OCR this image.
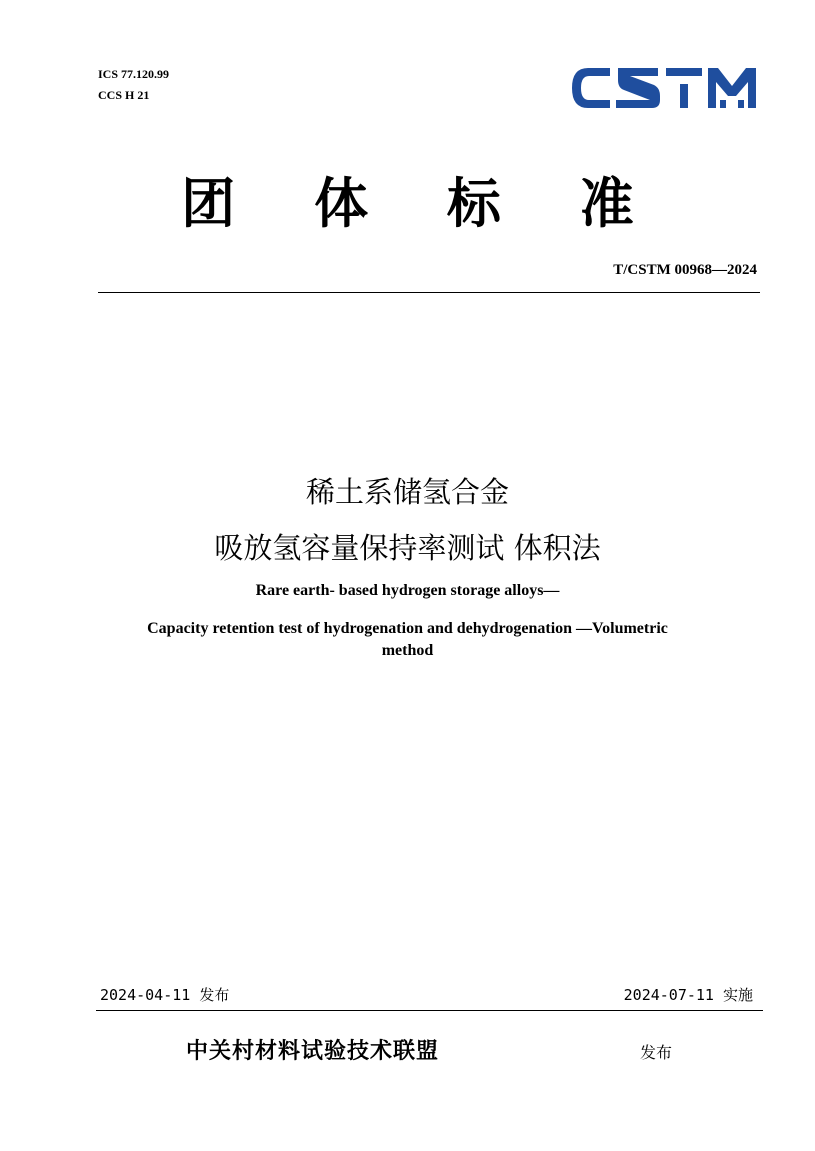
ICS 77.120.99
CCS H 21
团 体 标 准
T/CSTM 00968—2024
稀土系储氢合金
吸放氢容量保持率测试 体积法
Rare earth- based hydrogen storage alloys—
Capacity retention test of hydrogenation and dehydrogenation —Volumetric
method
2024-04-11 发布	2024-07-11 实施
中关村材料试验技术联盟	发布
